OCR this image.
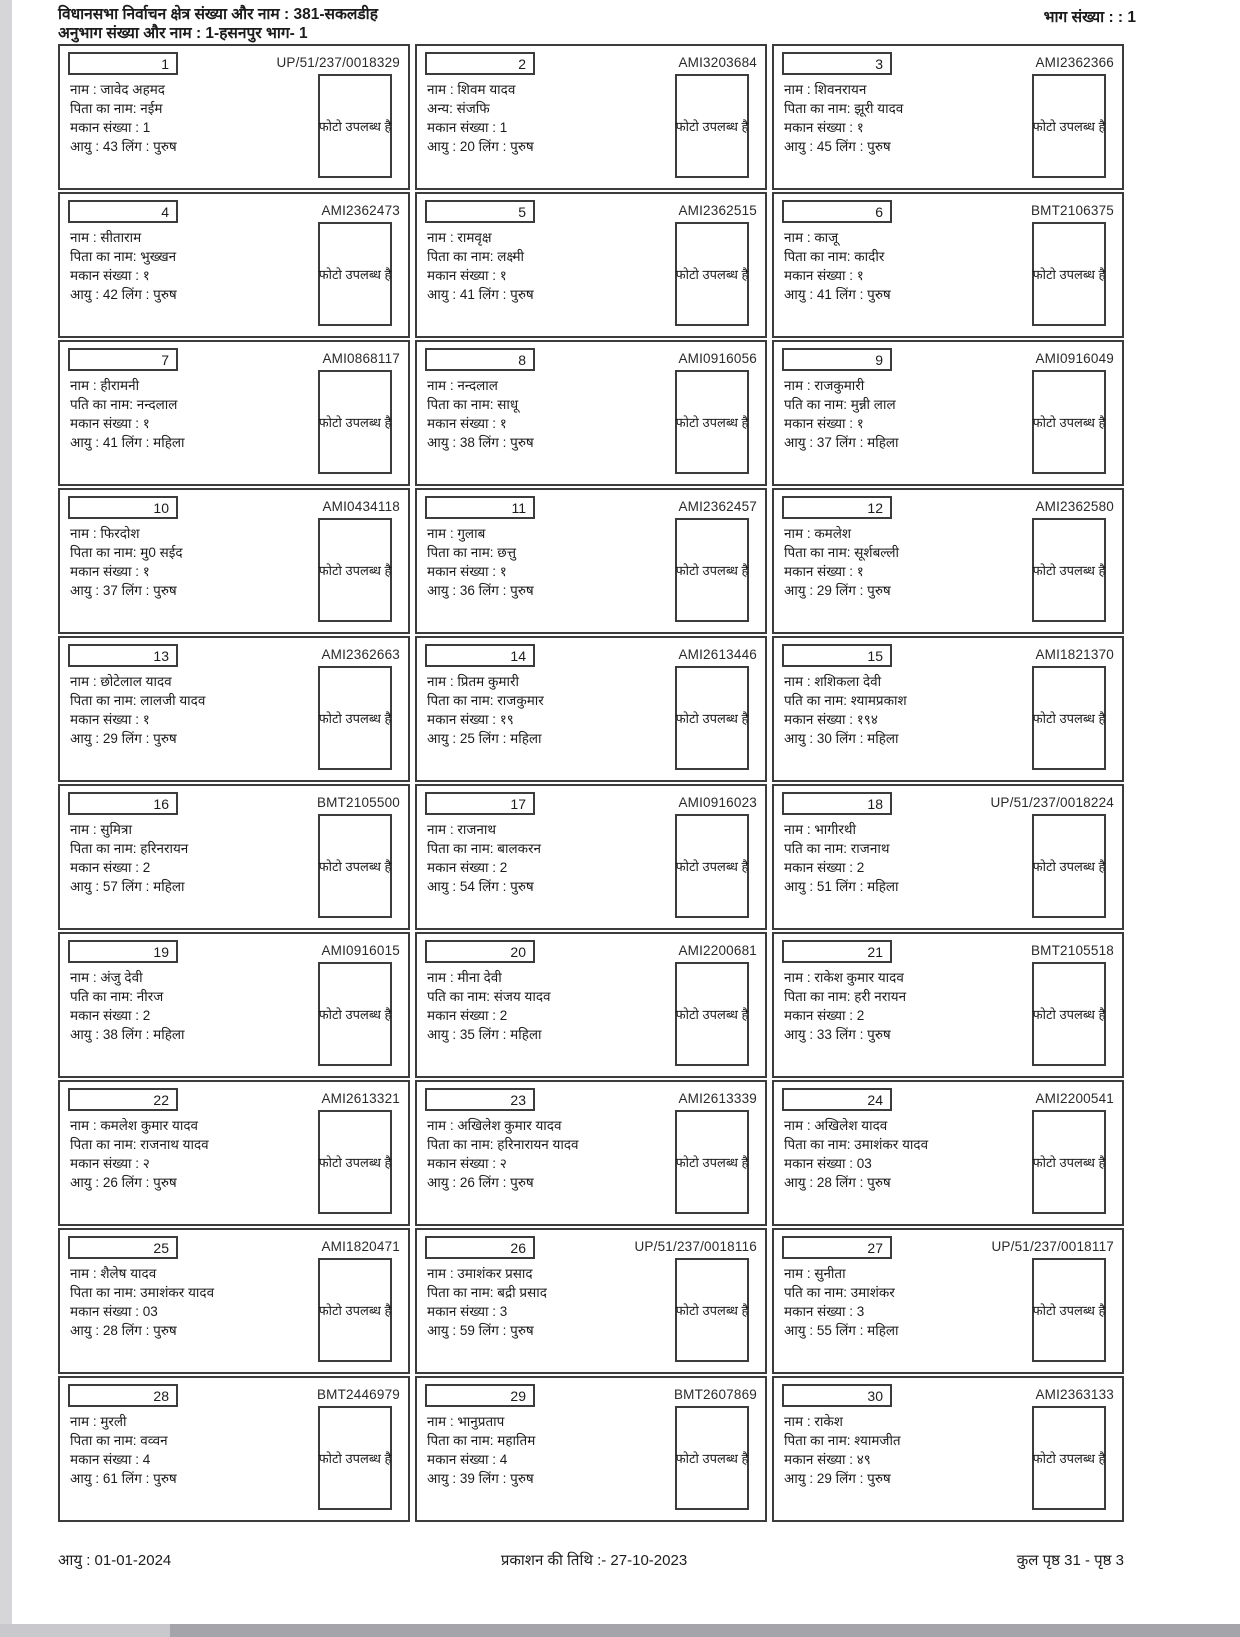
विधानसभा निर्वाचन क्षेत्र संख्या और नाम : 381-सकलडीह
अनुभाग संख्या और नाम : 1-हसनपुर भाग- 1
भाग संख्या : : 1
1	UP/51/237/0018329
नाम : जावेद अहमद
पिता का नाम: नईम
मकान संख्या : 1
आयु : 43 लिंग : पुरुष
फोटो उपलब्ध है
2	AMI3203684
नाम : शिवम यादव
अन्य: संजफि
मकान संख्या : 1
आयु : 20 लिंग : पुरुष
फोटो उपलब्ध है
3	AMI2362366
नाम : शिवनरायन
पिता का नाम: झूरी यादव
मकान संख्या : १
आयु : 45 लिंग : पुरुष
फोटो उपलब्ध है
4	AMI2362473
नाम : सीताराम
पिता का नाम: भुख्खन
मकान संख्या : १
आयु : 42 लिंग : पुरुष
फोटो उपलब्ध है
5	AMI2362515
नाम : रामवृक्ष
पिता का नाम: लक्ष्मी
मकान संख्या : १
आयु : 41 लिंग : पुरुष
फोटो उपलब्ध है
6	BMT2106375
नाम : काजू
पिता का नाम: कादीर
मकान संख्या : १
आयु : 41 लिंग : पुरुष
फोटो उपलब्ध है
7	AMI0868117
नाम : हीरामनी
पति का नाम: नन्दलाल
मकान संख्या : १
आयु : 41 लिंग : महिला
फोटो उपलब्ध है
8	AMI0916056
नाम : नन्दलाल
पिता का नाम: साधू
मकान संख्या : १
आयु : 38 लिंग : पुरुष
फोटो उपलब्ध है
9	AMI0916049
नाम : राजकुमारी
पति का नाम: मुन्नी लाल
मकान संख्या : १
आयु : 37 लिंग : महिला
फोटो उपलब्ध है
10	AMI0434118
नाम : फिरदोश
पिता का नाम: मु0 सईद
मकान संख्या : १
आयु : 37 लिंग : पुरुष
फोटो उपलब्ध है
11	AMI2362457
नाम : गुलाब
पिता का नाम: छत्तु
मकान संख्या : १
आयु : 36 लिंग : पुरुष
फोटो उपलब्ध है
12	AMI2362580
नाम : कमलेश
पिता का नाम: सूर्शबल्ली
मकान संख्या : १
आयु : 29 लिंग : पुरुष
फोटो उपलब्ध है
13	AMI2362663
नाम : छोटेलाल यादव
पिता का नाम: लालजी यादव
मकान संख्या : १
आयु : 29 लिंग : पुरुष
फोटो उपलब्ध है
14	AMI2613446
नाम : प्रितम कुमारी
पिता का नाम: राजकुमार
मकान संख्या : १९
आयु : 25 लिंग : महिला
फोटो उपलब्ध है
15	AMI1821370
नाम : शशिकला देवी
पति का नाम: श्यामप्रकाश
मकान संख्या : १९४
आयु : 30 लिंग : महिला
फोटो उपलब्ध है
16	BMT2105500
नाम : सुमित्रा
पिता का नाम: हरिनरायन
मकान संख्या : 2
आयु : 57 लिंग : महिला
फोटो उपलब्ध है
17	AMI0916023
नाम : राजनाथ
पिता का नाम: बालकरन
मकान संख्या : 2
आयु : 54 लिंग : पुरुष
फोटो उपलब्ध है
18	UP/51/237/0018224
नाम : भागीरथी
पति का नाम: राजनाथ
मकान संख्या : 2
आयु : 51 लिंग : महिला
फोटो उपलब्ध है
19	AMI0916015
नाम : अंजु देवी
पति का नाम: नीरज
मकान संख्या : 2
आयु : 38 लिंग : महिला
फोटो उपलब्ध है
20	AMI2200681
नाम : मीना देवी
पति का नाम: संजय यादव
मकान संख्या : 2
आयु : 35 लिंग : महिला
फोटो उपलब्ध है
21	BMT2105518
नाम : राकेश कुमार यादव
पिता का नाम: हरी नरायन
मकान संख्या : 2
आयु : 33 लिंग : पुरुष
फोटो उपलब्ध है
22	AMI2613321
नाम : कमलेश कुमार यादव
पिता का नाम: राजनाथ यादव
मकान संख्या : २
आयु : 26 लिंग : पुरुष
फोटो उपलब्ध है
23	AMI2613339
नाम : अखिलेश कुमार यादव
पिता का नाम: हरिनारायन यादव
मकान संख्या : २
आयु : 26 लिंग : पुरुष
फोटो उपलब्ध है
24	AMI2200541
नाम : अखिलेश यादव
पिता का नाम: उमाशंकर यादव
मकान संख्या : 03
आयु : 28 लिंग : पुरुष
फोटो उपलब्ध है
25	AMI1820471
नाम : शैलेष यादव
पिता का नाम: उमाशंकर यादव
मकान संख्या : 03
आयु : 28 लिंग : पुरुष
फोटो उपलब्ध है
26	UP/51/237/0018116
नाम : उमाशंकर प्रसाद
पिता का नाम: बद्री प्रसाद
मकान संख्या : 3
आयु : 59 लिंग : पुरुष
फोटो उपलब्ध है
27	UP/51/237/0018117
नाम : सुनीता
पति का नाम: उमाशंकर
मकान संख्या : 3
आयु : 55 लिंग : महिला
फोटो उपलब्ध है
28	BMT2446979
नाम : मुरली
पिता का नाम: वव्वन
मकान संख्या : 4
आयु : 61 लिंग : पुरुष
फोटो उपलब्ध है
29	BMT2607869
नाम : भानुप्रताप
पिता का नाम: महातिम
मकान संख्या : 4
आयु : 39 लिंग : पुरुष
फोटो उपलब्ध है
30	AMI2363133
नाम : राकेश
पिता का नाम: श्यामजीत
मकान संख्या : ४९
आयु : 29 लिंग : पुरुष
फोटो उपलब्ध है
आयु : 01-01-2024	प्रकाशन की तिथि :- 27-10-2023	कुल पृष्ठ 31 - पृष्ठ 3
